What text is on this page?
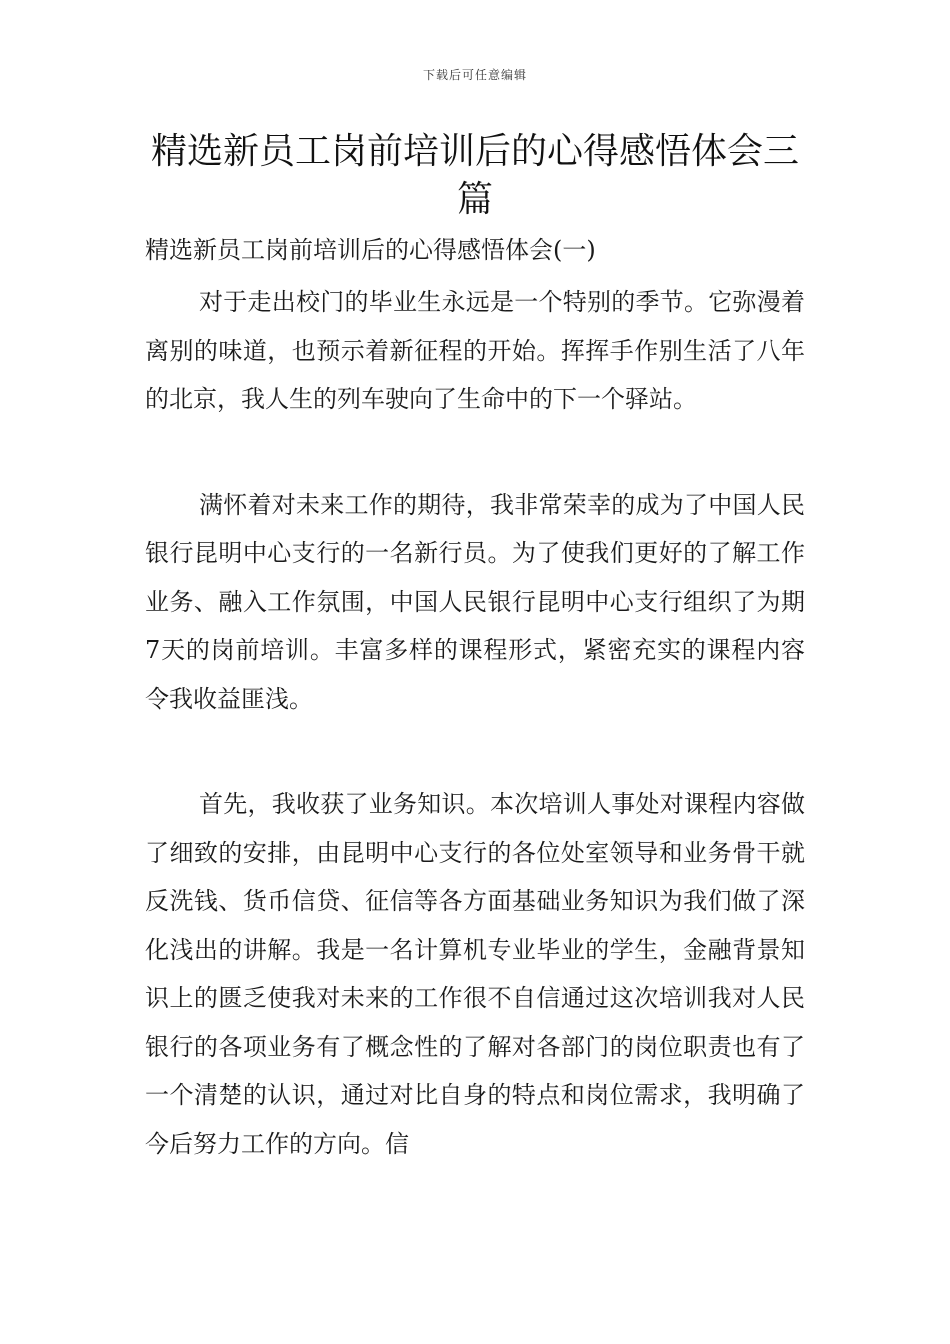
下载后可任意编辑
精选新员工岗前培训后的心得感悟体会三篇

精选新员工岗前培训后的心得感悟体会(一)

对于走出校门的毕业生永远是一个特别的季节。它弥漫着离别的味道，也预示着新征程的开始。挥挥手作别生活了八年的北京，我人生的列车驶向了生命中的下一个驿站。

满怀着对未来工作的期待，我非常荣幸的成为了中国人民银行昆明中心支行的一名新行员。为了使我们更好的了解工作业务、融入工作氛围，中国人民银行昆明中心支行组织了为期7天的岗前培训。丰富多样的课程形式，紧密充实的课程内容令我收益匪浅。

首先，我收获了业务知识。本次培训人事处对课程内容做了细致的安排，由昆明中心支行的各位处室领导和业务骨干就反洗钱、货币信贷、征信等各方面基础业务知识为我们做了深化浅出的讲解。我是一名计算机专业毕业的学生，金融背景知识上的匮乏使我对未来的工作很不自信通过这次培训我对人民银行的各项业务有了概念性的了解对各部门的岗位职责也有了一个清楚的认识，通过对比自身的特点和岗位需求，我明确了今后努力工作的方向。信
